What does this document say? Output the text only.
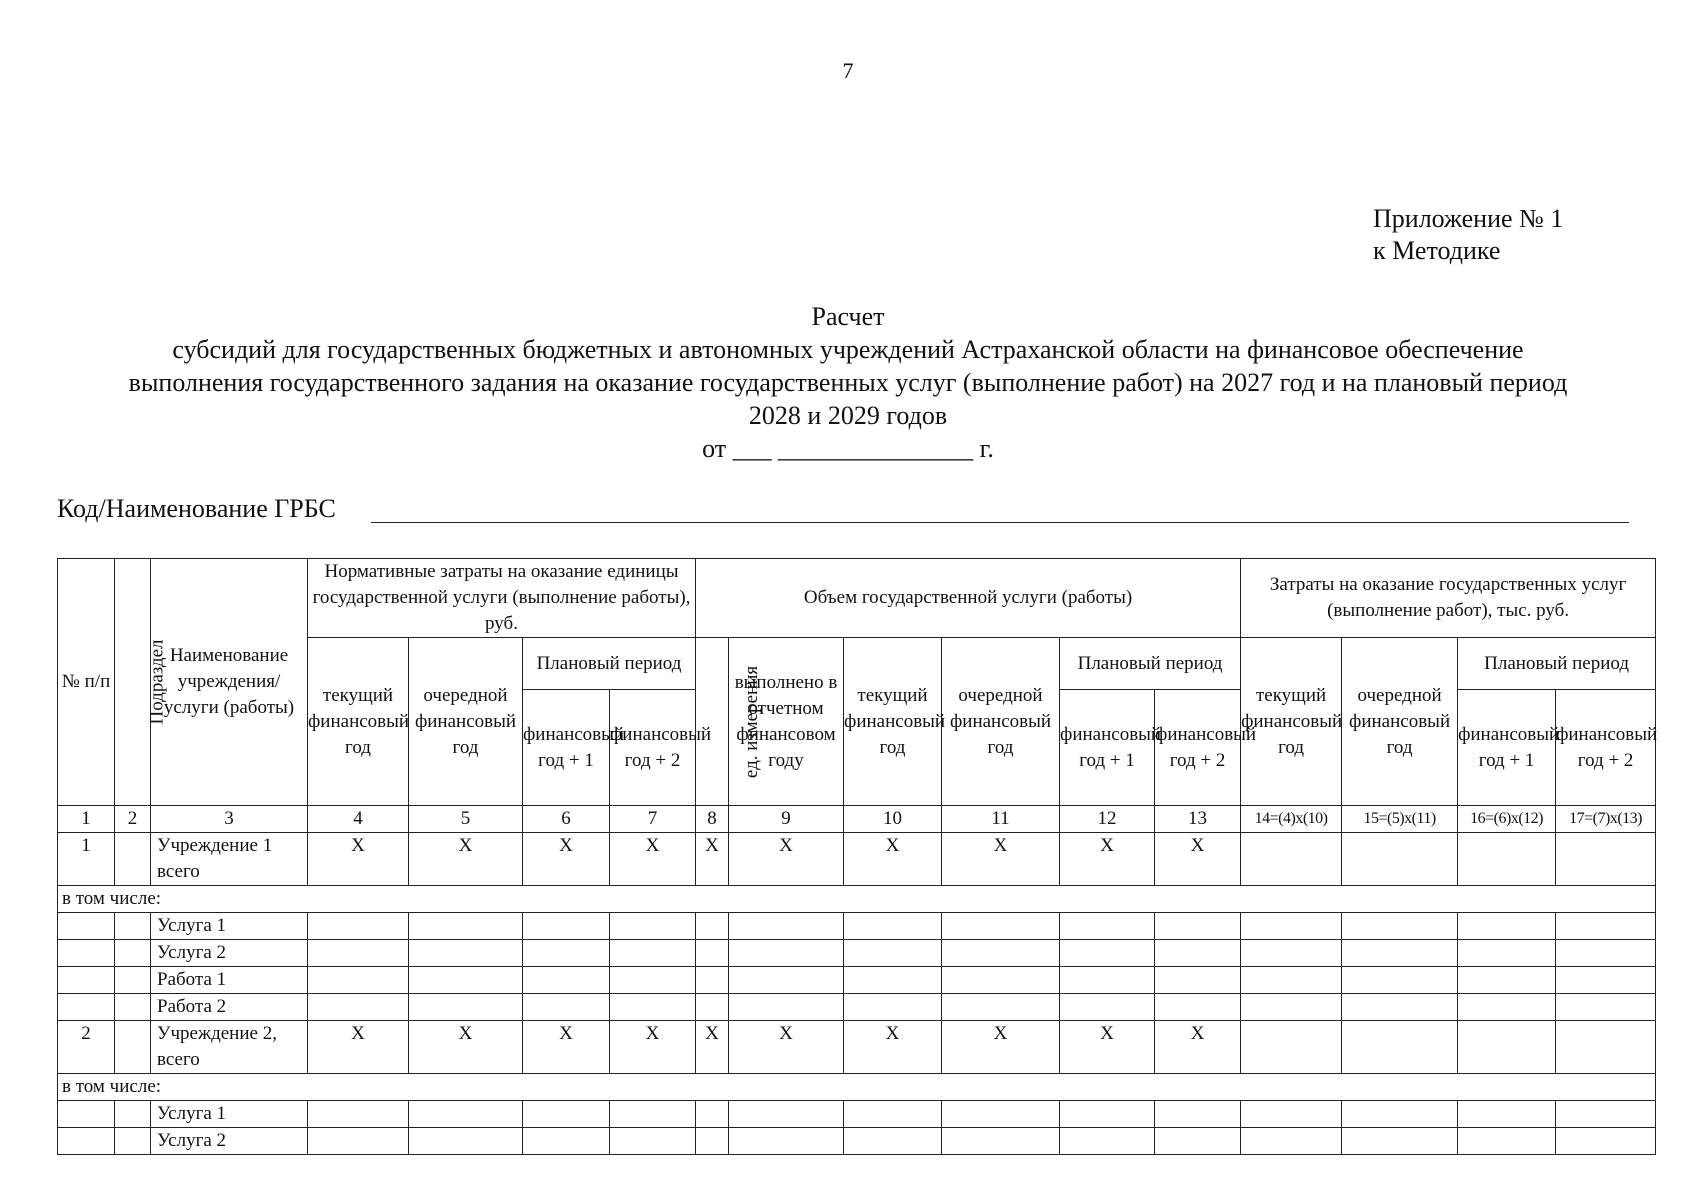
7
Приложение № 1
к Методике
Расчет
субсидий для государственных бюджетных и автономных учреждений Астраханской области на финансовое обеспечение
выполнения государственного задания на оказание государственных услуг (выполнение работ) на 2027 год и на плановый период
2028 и 2029 годов
от ___ _______________ г.
Код/Наименование ГРБС
№ п/п	Подраздел	Наименование учреждения/ услуги (работы)	Нормативные затраты на оказание единицы государственной услуги (выполнение работы), руб.				Объем государственной услуги (работы)						Затраты на оказание государственных услуг (выполнение работ), тыс. руб.			
			текущий финансовый год	очередной финансовый год	Плановый период		ед. измерения	выполнено в отчетном финансовом году	текущий финансовый год	очередной финансовый год	Плановый период		текущий финансовый год	очередной финансовый год	Плановый период	
					финансовый год + 1	финансовый год + 2					финансовый год + 1	финансовый год + 2			финансовый год + 1	финансовый год + 2
1	2	3	4	5	6	7	8	9	10	11	12	13	14=(4)x(10)	15=(5)x(11)	16=(6)x(12)	17=(7)x(13)
1		Учреждение 1 всего	Х	Х	Х	Х	Х	Х	Х	Х	Х	Х				
в том числе:																
		Услуга 1														
		Услуга 2														
		Работа 1														
		Работа 2														
2		Учреждение 2, всего	Х	Х	Х	Х	Х	Х	Х	Х	Х	Х				
в том числе:																
		Услуга 1														
		Услуга 2														
